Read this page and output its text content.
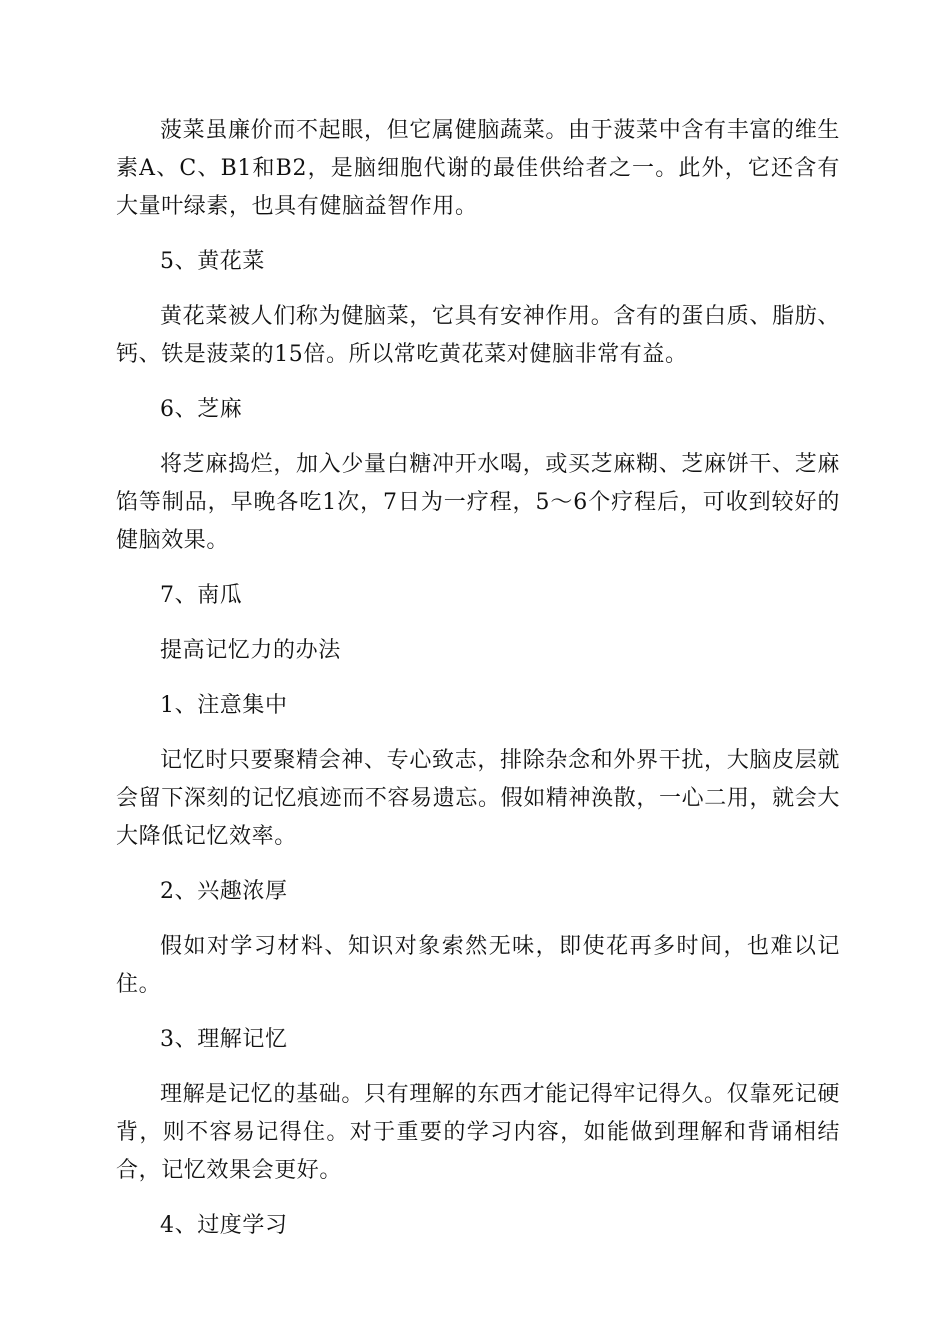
菠菜虽廉价而不起眼，但它属健脑蔬菜。由于菠菜中含有丰富的维生素A、C、B1和B2，是脑细胞代谢的最佳供给者之一。此外，它还含有大量叶绿素，也具有健脑益智作用。

5、黄花菜

黄花菜被人们称为健脑菜，它具有安神作用。含有的蛋白质、脂肪、钙、铁是菠菜的15倍。所以常吃黄花菜对健脑非常有益。

6、芝麻

将芝麻捣烂，加入少量白糖冲开水喝，或买芝麻糊、芝麻饼干、芝麻馅等制品，早晚各吃1次，7日为一疗程，5～6个疗程后，可收到较好的健脑效果。

7、南瓜

提高记忆力的办法

1、注意集中

记忆时只要聚精会神、专心致志，排除杂念和外界干扰，大脑皮层就会留下深刻的记忆痕迹而不容易遗忘。假如精神涣散，一心二用，就会大大降低记忆效率。

2、兴趣浓厚

假如对学习材料、知识对象索然无味，即使花再多时间，也难以记住。

3、理解记忆

理解是记忆的基础。只有理解的东西才能记得牢记得久。仅靠死记硬背，则不容易记得住。对于重要的学习内容，如能做到理解和背诵相结合，记忆效果会更好。

4、过度学习
